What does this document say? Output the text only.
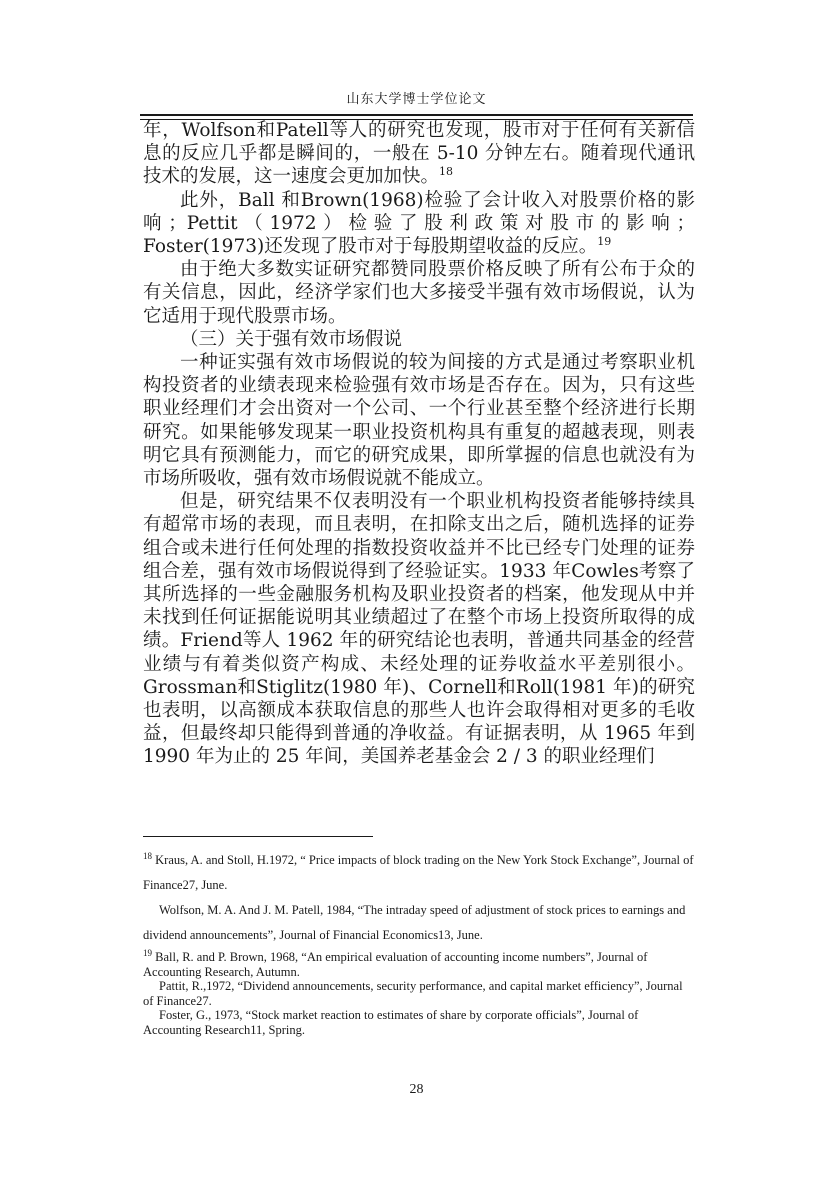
山东大学博士学位论文

年，Wolfson和Patell等人的研究也发现，股市对于任何有关新信息的反应几乎都是瞬间的，一般在 5-10 分钟左右。随着现代通讯技术的发展，这一速度会更加加快。$^{18}$

此外，Ball 和Brown(1968)检验了会计收入对股票价格的影响；Pettit（1972）检验了股利政策对股市的影响；Foster(1973)还发现了股市对于每股期望收益的反应。$^{19}$

由于绝大多数实证研究都赞同股票价格反映了所有公布于众的有关信息，因此，经济学家们也大多接受半强有效市场假说，认为它适用于现代股票市场。

（三）关于强有效市场假说

一种证实强有效市场假说的较为间接的方式是通过考察职业机构投资者的业绩表现来检验强有效市场是否存在。因为，只有这些职业经理们才会出资对一个公司、一个行业甚至整个经济进行长期研究。如果能够发现某一职业投资机构具有重复的超越表现，则表明它具有预测能力，而它的研究成果，即所掌握的信息也就没有为市场所吸收，强有效市场假说就不能成立。

但是，研究结果不仅表明没有一个职业机构投资者能够持续具有超常市场的表现，而且表明，在扣除支出之后，随机选择的证券组合或未进行任何处理的指数投资收益并不比已经专门处理的证券组合差，强有效市场假说得到了经验证实。1933 年Cowles考察了其所选择的一些金融服务机构及职业投资者的档案，他发现从中并未找到任何证据能说明其业绩超过了在整个市场上投资所取得的成绩。Friend等人 1962 年的研究结论也表明，普通共同基金的经营业绩与有着类似资产构成、未经处理的证券收益水平差别很小。Grossman和Stiglitz(1980 年)、Cornell和Roll(1981 年)的研究也表明，以高额成本获取信息的那些人也许会取得相对更多的毛收益，但最终却只能得到普通的净收益。有证据表明，从 1965 年到 1990 年为止的 25 年间，美国养老基金会 2 / 3 的职业经理们

$^{18}$ Kraus, A. and Stoll, H.1972, “ Price impacts of block trading on the New York Stock Exchange”, Journal of Finance27, June.

Wolfson, M. A. And J. M. Patell, 1984, “The intraday speed of adjustment of stock prices to earnings and dividend announcements”, Journal of Financial Economics13, June.

$^{19}$ Ball, R. and P. Brown, 1968, “An empirical evaluation of accounting income numbers”, Journal of Accounting Research, Autumn.

Pattit, R.,1972, “Dividend announcements, security performance, and capital market efficiency”, Journal of Finance27.

Foster, G., 1973, “Stock market reaction to estimates of share by corporate officials”, Journal of Accounting Research11, Spring.

28
